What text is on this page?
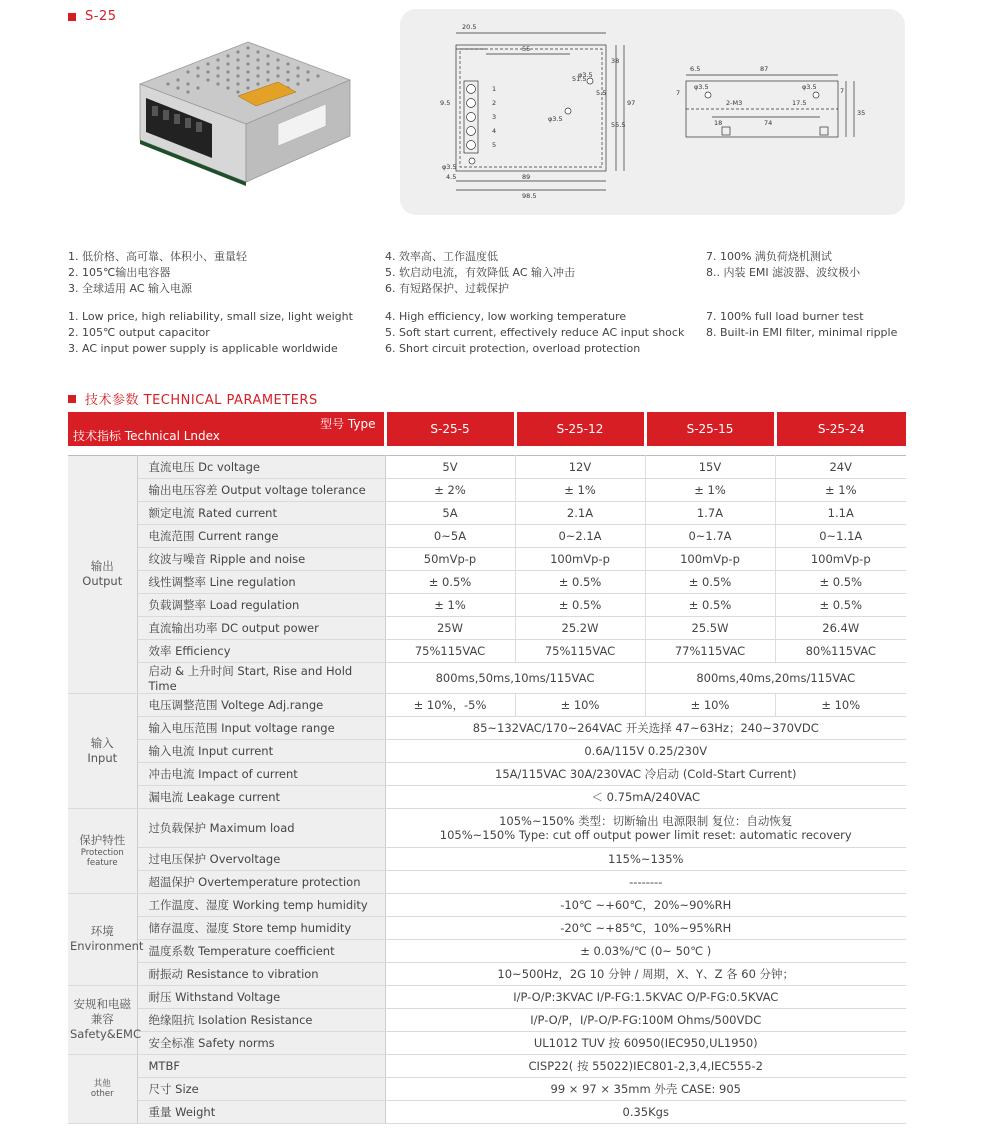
S-25
20.5
55
9.5
38
97
55.5
51.5
5.5
φ3.5
φ3.5
φ3.5
4.5	89
98.5
1
2
3
4
5
6.5	87
7
17.5
35
7
2-M3
18	74
φ3.5	φ3.5
1. 低价格、高可靠、体积小、重量轻
2. 105℃输出电容器
3. 全球适用 AC 输入电源
4. 效率高、工作温度低
5. 软启动电流，有效降低 AC 输入冲击
6. 有短路保护、过载保护
7. 100% 满负荷烧机测试
8.. 内装 EMI 滤波器、波纹极小
1. Low price, high reliability, small size, light weight
2. 105℃ output capacitor
3. AC input power supply is applicable worldwide
4. High efficiency, low working temperature
5. Soft start current, effectively reduce AC input shock
6. Short circuit protection, overload protection
7. 100% full load burner test
8. Built-in EMI filter, minimal ripple
技术参数 TECHNICAL PARAMETERS
型号 Type
技术指标 Technical Lndex		S-25-5	S-25-12	S-25-15	S-25-24

输出
Output	直流电压 Dc voltage	5V	12V	15V	24V
	输出电压容差 Output voltage tolerance	± 2%	± 1%	± 1%	± 1%
	额定电流 Rated current	5A	2.1A	1.7A	1.1A
	电流范围 Current range	0~5A	0~2.1A	0~1.7A	0~1.1A
	纹波与噪音 Ripple and noise	50mVp-p	100mVp-p	100mVp-p	100mVp-p
	线性调整率 Line regulation	± 0.5%	± 0.5%	± 0.5%	± 0.5%
	负载调整率 Load regulation	± 1%	± 0.5%	± 0.5%	± 0.5%
	直流输出功率 DC output power	25W	25.2W	25.5W	26.4W
	效率 Efficiency	75%115VAC	75%115VAC	77%115VAC	80%115VAC
	启动 & 上升时间 Start, Rise and Hold Time	800ms,50ms,10ms/115VAC		800ms,40ms,20ms/115VAC	
输入
Input	电压调整范围 Voltege Adj.range	± 10%，-5%	± 10%	± 10%	± 10%
	输入电压范围 Input voltage range	85~132VAC/170~264VAC 开关选择 47~63Hz；240~370VDC			
	输入电流 Input current	0.6A/115V 0.25/230V			
	冲击电流 Impact of current	15A/115VAC 30A/230VAC 冷启动 (Cold-Start Current)			
	漏电流 Leakage current	＜ 0.75mA/240VAC			
保护特性

Protection feature	过负载保护 Maximum load	105%~150% 类型：切断输出 电源限制 复位：自动恢复
105%~150% Type: cut off output power limit reset: automatic recovery			
	过电压保护 Overvoltage	115%~135%			
	超温保护 Overtemperature protection	--------			
环境
Environment	工作温度、湿度 Working temp humidity	-10℃ ~+60℃，20%~90%RH			
	储存温度、湿度 Store temp humidity	-20℃ ~+85℃，10%~95%RH			
	温度系数 Temperature coefficient	± 0.03%/℃ (0~ 50℃ )			
	耐振动 Resistance to vibration	10~500Hz，2G 10 分钟 / 周期，X、Y、Z 各 60 分钟；			
安规和电磁兼容
Safety&EMC	耐压 Withstand Voltage	I/P-O/P:3KVAC I/P-FG:1.5KVAC O/P-FG:0.5KVAC			
	绝缘阻抗 Isolation Resistance	I/P-O/P，I/P-O/P-FG:100M Ohms/500VDC			
	安全标准 Safety norms	UL1012 TUV 按 60950(IEC950,UL1950)			

其他
other	MTBF	CISP22( 按 55022)IEC801-2,3,4,IEC555-2			
	尺寸 Size	99 × 97 × 35mm 外壳 CASE: 905			
	重量 Weight	0.35Kgs			
